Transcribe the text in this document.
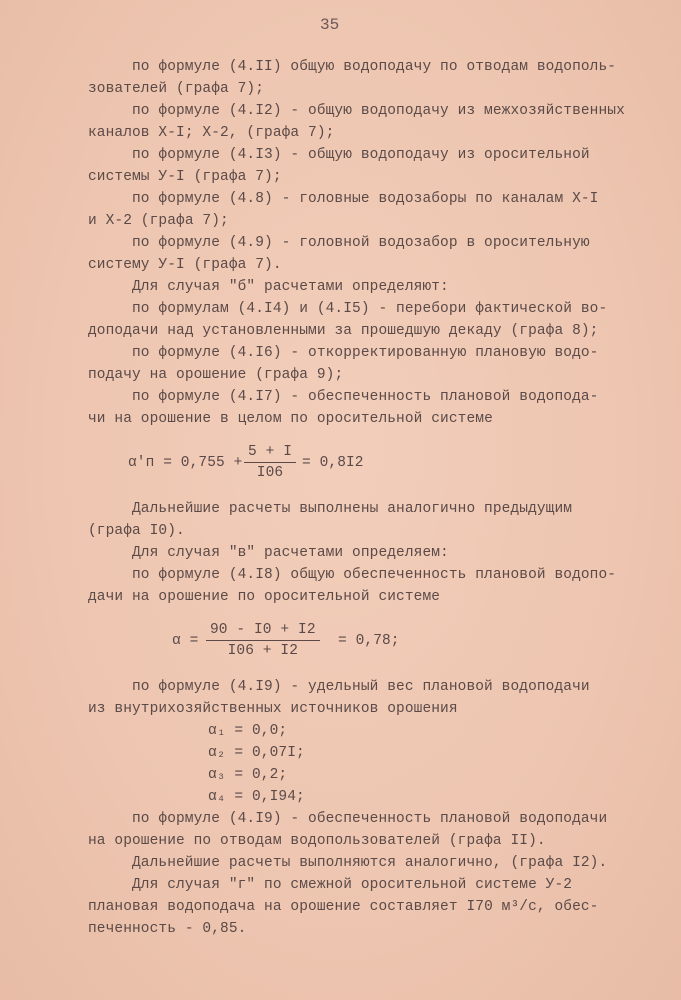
35
по формуле (4.II) общую водоподачу по отводам водополь-
зователей (графа 7);
по формуле (4.I2) - общую водоподачу из межхозяйственных
каналов Х-I; Х-2, (графа 7);
по формуле (4.I3) - общую водоподачу из оросительной
системы У-I (графа 7);
по формуле (4.8) - головные водозаборы по каналам Х-I
и Х-2 (графа 7);
по формуле (4.9) - головной водозабор в оросительную
систему У-I (графа 7).
Для случая "б" расчетами определяют:
по формулам (4.I4) и (4.I5) - перебори фактической во-
доподачи над установленными за прошедшую декаду (графа 8);
по формуле (4.I6) - откорректированную плановую водо-
подачу на орошение (графа 9);
по формуле (4.I7) - обеспеченность плановой водопода-
чи на орошение в целом по оросительной системе
$\alpha'п = 0,755 + \frac{5 + I}{I06} = 0,8I2$
Дальнейшие расчеты выполнены аналогично предыдущим
(графа I0).
Для случая "в" расчетами определяем:
по формуле (4.I8) общую обеспеченность плановой водопо-
дачи на орошение по оросительной системе
$\alpha = \frac{90 - I0 + I2}{I06 + I2} = 0,78$;
по формуле (4.I9) - удельный вес плановой водоподачи
из внутрихозяйственных источников орошения
α₁ = 0,0;
α₂ = 0,07I;
α₃ = 0,2;
α₄ = 0,I94;
по формуле (4.I9) - обеспеченность плановой водоподачи
на орошение по отводам водопользователей (графа II).
Дальнейшие расчеты выполняются аналогично, (графа I2).
Для случая "г" по смежной оросительной системе У-2
плановая водоподача на орошение составляет I70 м³/с, обес-
печенность - 0,85.
